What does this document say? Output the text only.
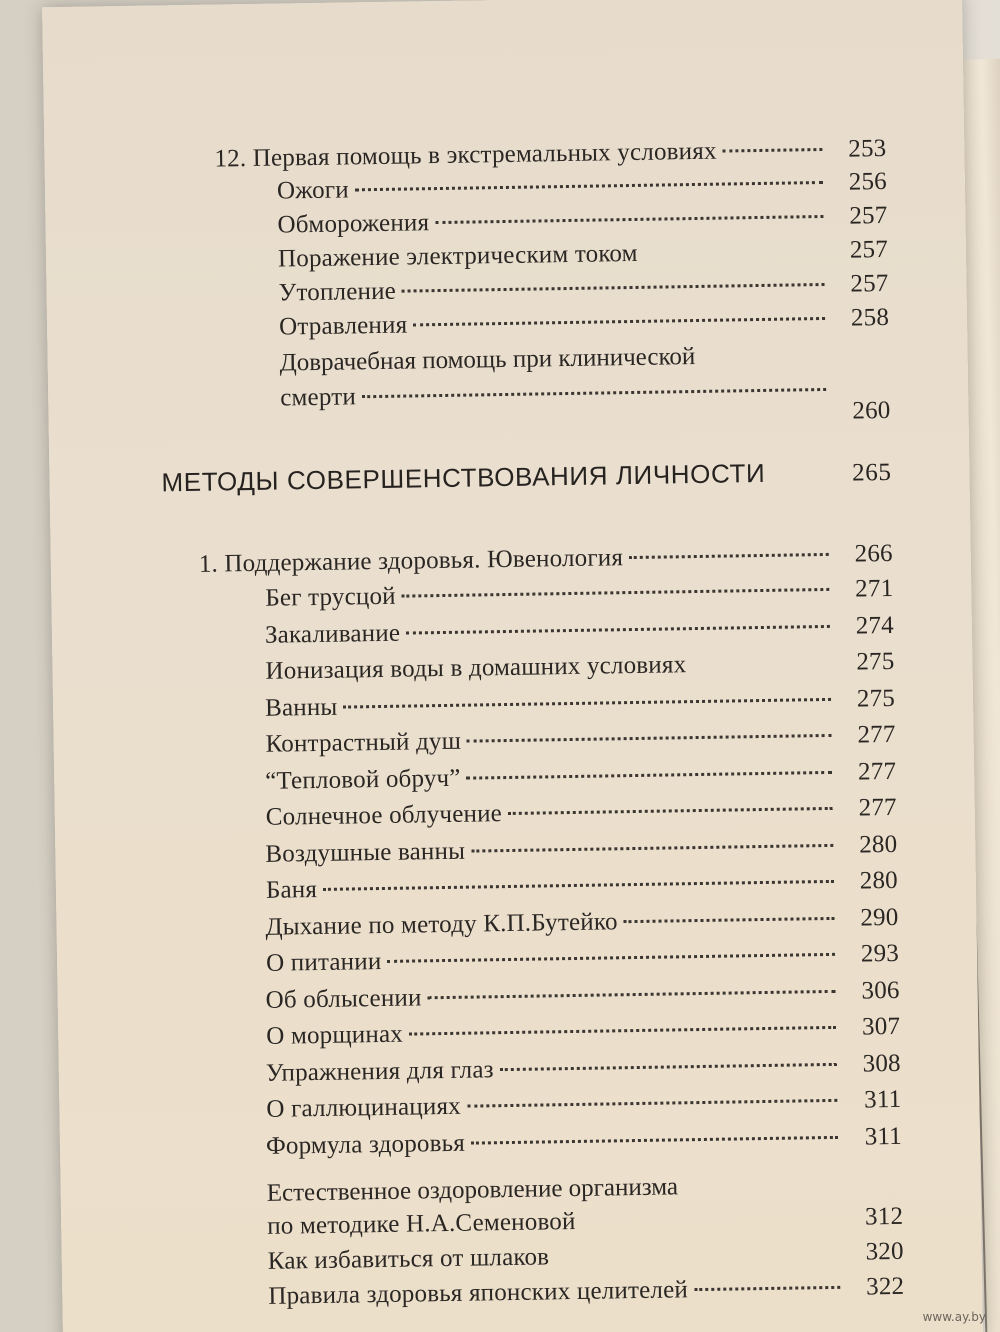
12. Первая помощь в экстремальных условиях	253
Ожоги	256
Обморожения	257
Поражение электрическим током	257
Утопление	257
Отравления	258
Доврачебная помощь при клинической
смерти	260
МЕТОДЫ СОВЕРШЕНСТВОВАНИЯ ЛИЧНОСТИ	265
1. Поддержание здоровья. Ювенология	266
Бег трусцой	271
Закаливание	274
Ионизация воды в домашних условиях	275
Ванны	275
Контрастный душ	277
“Тепловой обруч”	277
Солнечное облучение	277
Воздушные ванны	280
Баня	280
Дыхание по методу К.П.Бутейко	290
О питании	293
Об облысении	306
О морщинах	307
Упражнения для глаз	308
О галлюцинациях	311
Формула здоровья	311
Естественное оздоровление организма
по методике Н.А.Семеновой	312
Как избавиться от шлаков	320
Правила здоровья японских целителей	322
www.ay.by
